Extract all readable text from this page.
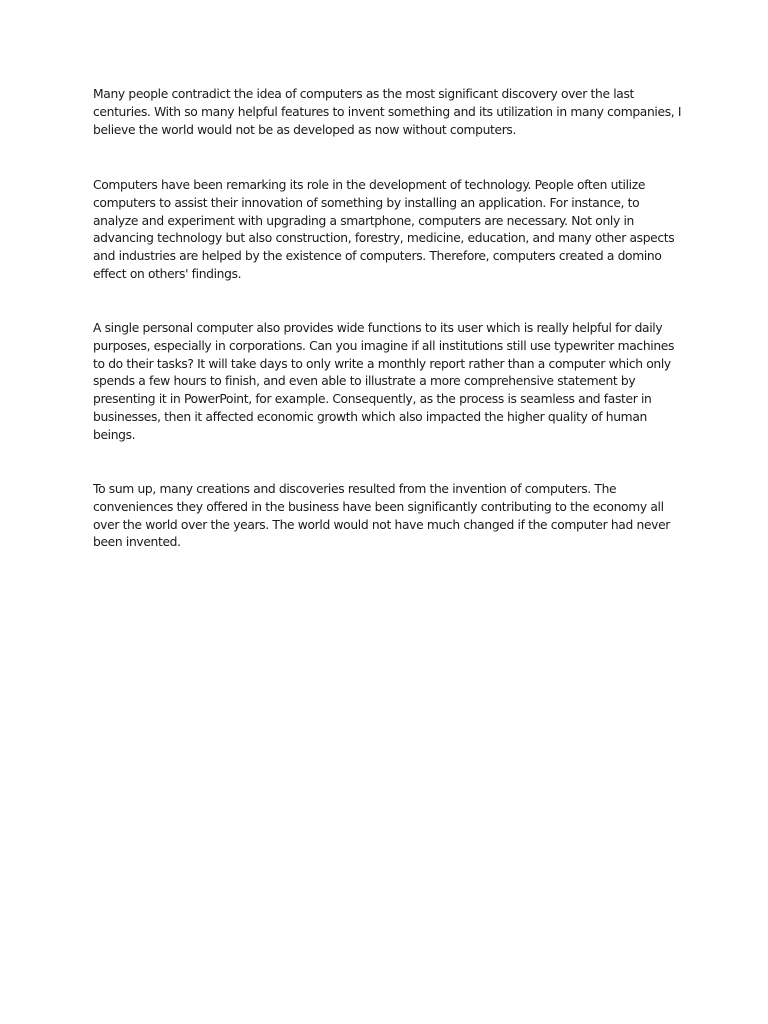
Many people contradict the idea of computers as the most significant discovery over the last
centuries. With so many helpful features to invent something and its utilization in many companies, I
believe the world would not be as developed as now without computers.

Computers have been remarking its role in the development of technology. People often utilize
computers to assist their innovation of something by installing an application. For instance, to
analyze and experiment with upgrading a smartphone, computers are necessary. Not only in
advancing technology but also construction, forestry, medicine, education, and many other aspects
and industries are helped by the existence of computers. Therefore, computers created a domino
effect on others' findings.

A single personal computer also provides wide functions to its user which is really helpful for daily
purposes, especially in corporations. Can you imagine if all institutions still use typewriter machines
to do their tasks? It will take days to only write a monthly report rather than a computer which only
spends a few hours to finish, and even able to illustrate a more comprehensive statement by
presenting it in PowerPoint, for example. Consequently, as the process is seamless and faster in
businesses, then it affected economic growth which also impacted the higher quality of human
beings.

To sum up, many creations and discoveries resulted from the invention of computers. The
conveniences they offered in the business have been significantly contributing to the economy all
over the world over the years. The world would not have much changed if the computer had never
been invented.
